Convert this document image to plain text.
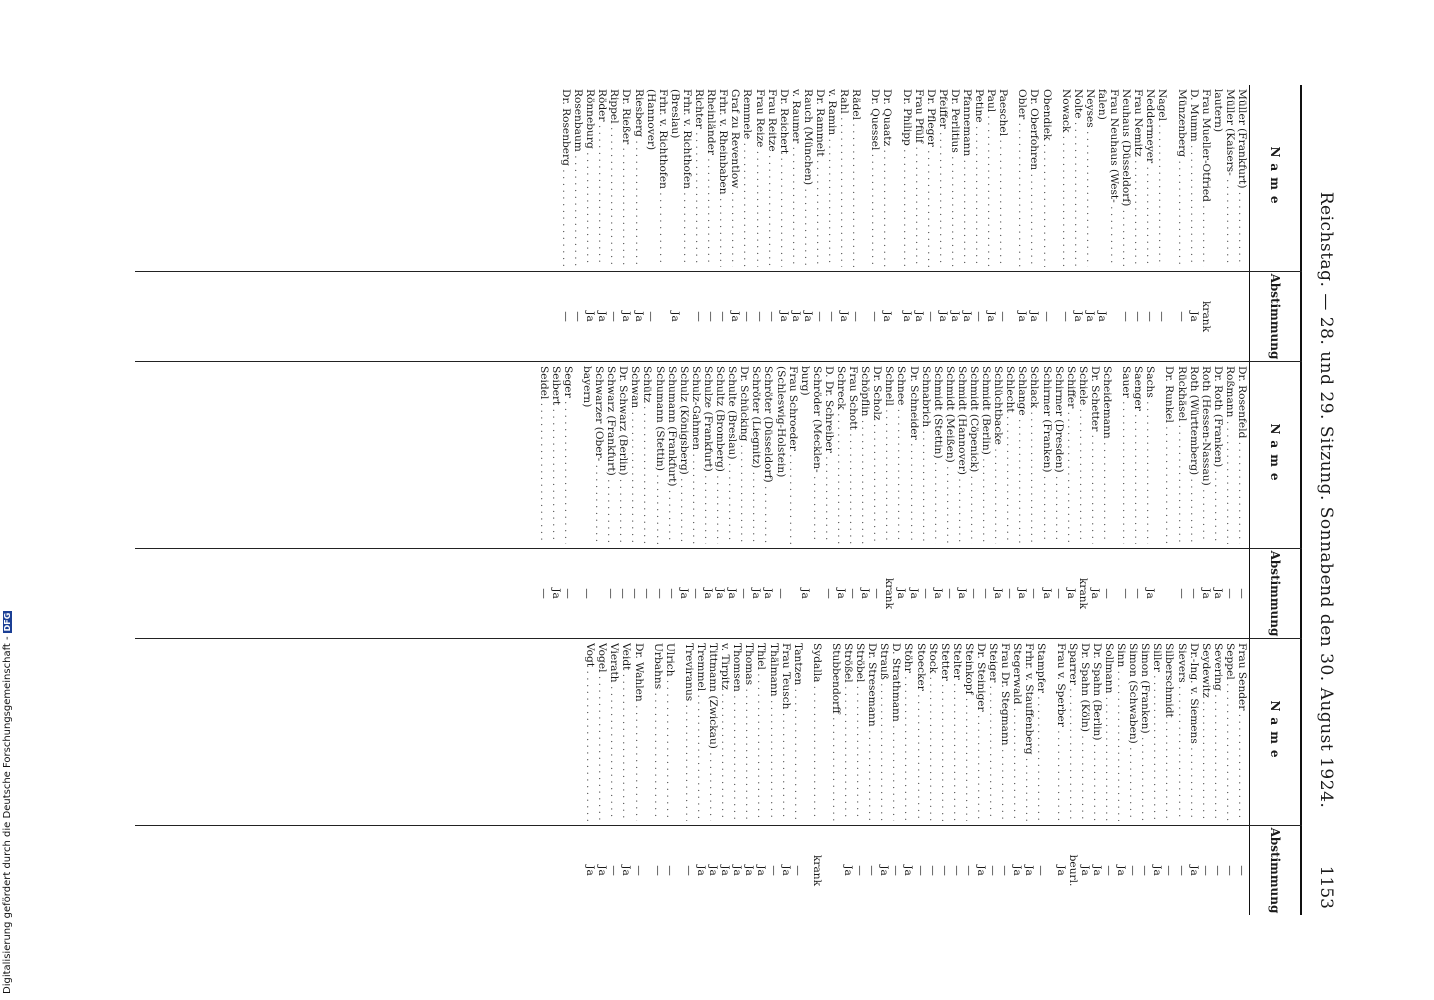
Reichstag. — 28. und 29. Sitzung. Sonnabend den 30. August 1924.
1153
Name
Abstimmung
Müller (Frankfurt) . . .
Müller (Kaisers- . . .
lautern)
Frau Mueller-Otfried . . .
krank
D. Mumm . . .
Ja
Münzenberg . . .
—
Nagel . . .
—
Neddermeyer . . .
—
Frau Nemitz . . .
—
Neuhaus (Düsseldorf) . . .
—
Frau Neuhaus (West- . . .
falen)
Ja
Neyses . . .
Ja
Nolte . . .
Ja
Nowack . . .
—
Obendiek . . .
—
Dr. Oberfohren . . .
Ja
Obler . . .
Ja
Paeschel . . .
—
Paul . . .
Ja
Petine . . .
—
Pfannemann . . .
Ja
Dr. Perlitius . . .
Ja
Pfeiffer . . .
Ja
Dr. Pfleger . . .
—
Frau Pfülf . . .
Ja
Dr. Philipp . . .
Ja
Dr. Quaatz . . .
Ja
Dr. Quessel . . .
—
Rädel . . .
—
Rahl . . .
Ja
v. Ramin . . .
—
Dr. Rammelt . . .
—
Rauch (München) . . .
Ja
v. Raumer . . .
Ja
Dr. Reichert . . .
Ja
Frau Reitze . . .
—
Frau Reize . . .
—
Remmele . . .
—
Graf zu Reventlow . . .
Ja
Frhr. v. Rheinbaben . . .
—
Rheinländer . . .
—
Richter . . .
—
Frhr. v. Richthofen . . .
(Breslau)
Ja
Frhr. v. Richthofen . . .
(Hannover)
—
Riesberg . . .
Ja
Dr. Rießer . . .
Ja
Rippel . . .
—
Röder . . .
Ja
Rönneburg . . .
Ja
Rosenbaum . . .
—
Dr. Rosenberg . . .
—
Name
Abstimmung
Dr. Rosenfeld . . .
—
Roßmann . . .
—
Dr. Roth (Franken) . . .
Ja
Roth (Hessen-Nassau) . . .
Ja
Roth (Württemberg) . . .
—
Rückhäsel . . .
—
Dr. Runkel . . .
Sachs . . .
Ja
Saenger . . .
—
Sauer . . .
—
Scheidemann . . .
—
Dr. Schetter . . .
Ja
Schiele . . .
krank
Schiffer . . .
Ja
Schirmer (Dresden) . . .
—
Schirmer (Franken) . . .
Ja
Schlack . . .
—
Schlange . . .
Ja
Schlecht . . .
—
Schlüchtbacke . . .
Ja
Schmidt (Berlin) . . .
—
Schmidt (Cöpenick) . . .
—
Schmidt (Hannover) . . .
Ja
Schmidt (Meißen) . . .
—
Schmidt (Stettin) . . .
Ja
Schnabrich . . .
—
Dr. Schneider . . .
Ja
Schnee . . .
Ja
Schnell . . .
krank
Dr. Scholz . . .
—
Schöpflin . . .
Ja
Frau Schott . . .
—
Schreck . . .
Ja
D. Dr. Schreiber . . .
—
Schröder (Mecklen- . . .
burg)
Ja
Frau Schroeder . . .
(Schleswig-Holstein)
—
Schröter (Düsseldorf) . . .
Ja
Schröter (Liegnitz) . . .
Ja
Dr. Schücking . . .
—
Schulte (Breslau) . . .
Ja
Schultz (Bromberg) . . .
Ja
Schulze (Frankfurt) . . .
Ja
Schulz-Gahmen . . .
—
Schulz (Königsberg) . . .
Ja
Schumann (Frankfurt) . . .
—
Schumann (Stettin) . . .
—
Schütz . . .
—
Schwan . . .
—
Dr. Schwarz (Berlin) . . .
—
Schwarz (Frankfurt) . . .
—
Schwarzer (Ober- . . .
bayern)
—
Seger . . .
—
Seibert . . .
Ja
Seidel . . .
—
Name
Abstimmung
Frau Sender . . .
—
Seppel . . .
—
Severing . . .
—
Seydewitz . . .
—
Dr.-Ing. v. Siemens . . .
Ja
Sievers . . .
—
Silberschmidt . . .
—
Siller . . .
Ja
Simon (Franken) . . .
—
Simon (Schwaben) . . .
—
Sinn . . .
Ja
Sollmann . . .
—
Dr. Spahn (Berlin) . . .
Ja
Dr. Spahn (Köln) . . .
Ja
Sparrer . . .
beurl.
Frau v. Sperber . . .
Ja
Stampfer . . .
—
Frhr. v. Stauffenberg . . .
Ja
Stegerwald . . .
Ja
Frau Dr. Stegmann . . .
—
Steiger . . .
—
Dr. Steiniger . . .
Ja
Steinkopf . . .
—
Stelter . . .
—
Stetter . . .
—
Stock . . .
—
Stoecker . . .
—
Stöhr . . .
Ja
D. Strathmann . . .
—
Strauß . . .
Ja
Dr. Stresemann . . .
—
Ströbel . . .
—
Strößel . . .
Ja
Stubbendorff . . .
Sydalla . . .
krank
Tantzen . . .
—
Frau Teusch . . .
Ja
Thälmann . . .
—
Thiel . . .
Ja
Thomas . . .
Ja
Thomsen . . .
Ja
v. Tirpitz . . .
Ja
Tittmann (Zwickau) . . .
Ja
Tremmel . . .
Ja
Treviranus . . .
—
Ulrich . . .
—
Urbahns . . .
—
Dr. Wahlen . . .
—
Veidt . . .
Ja
Vierath . . .
—
Vogel . . .
Ja
Vogt . . .
Ja
Digitalisierung gefördert durch die Deutsche Forschungsgemeinschaft -DFG
